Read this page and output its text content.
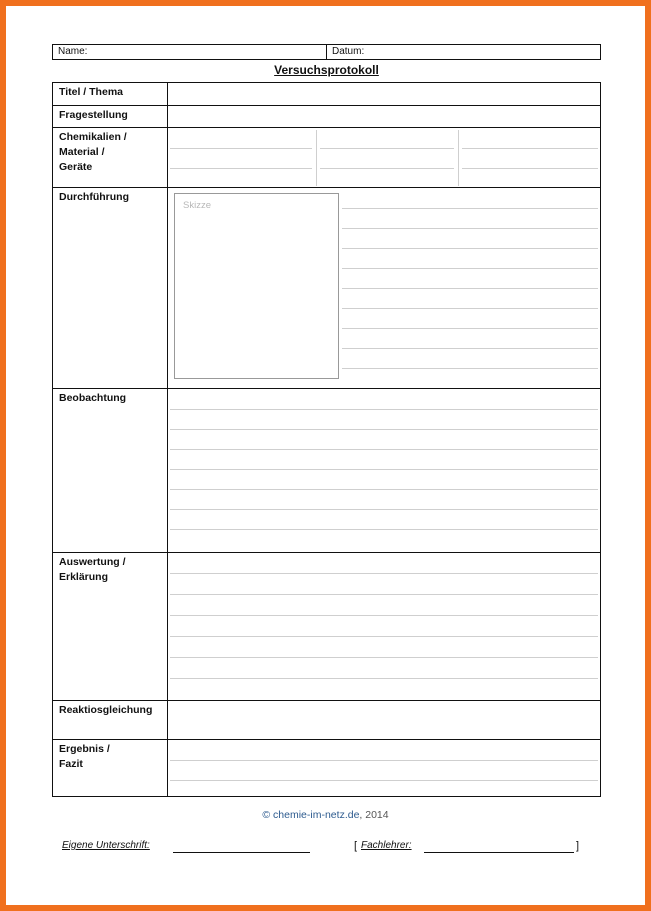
Name:	Datum:
Versuchsprotokoll
Titel / Thema
Fragestellung
Chemikalien /
Material /
Geräte
Durchführung
Skizze
Beobachtung
Auswertung /
Erklärung
Reaktiosgleichung
Ergebnis /
Fazit
© chemie-im-netz.de, 2014
Eigene Unterschrift:	[ Fachlehrer:	]
